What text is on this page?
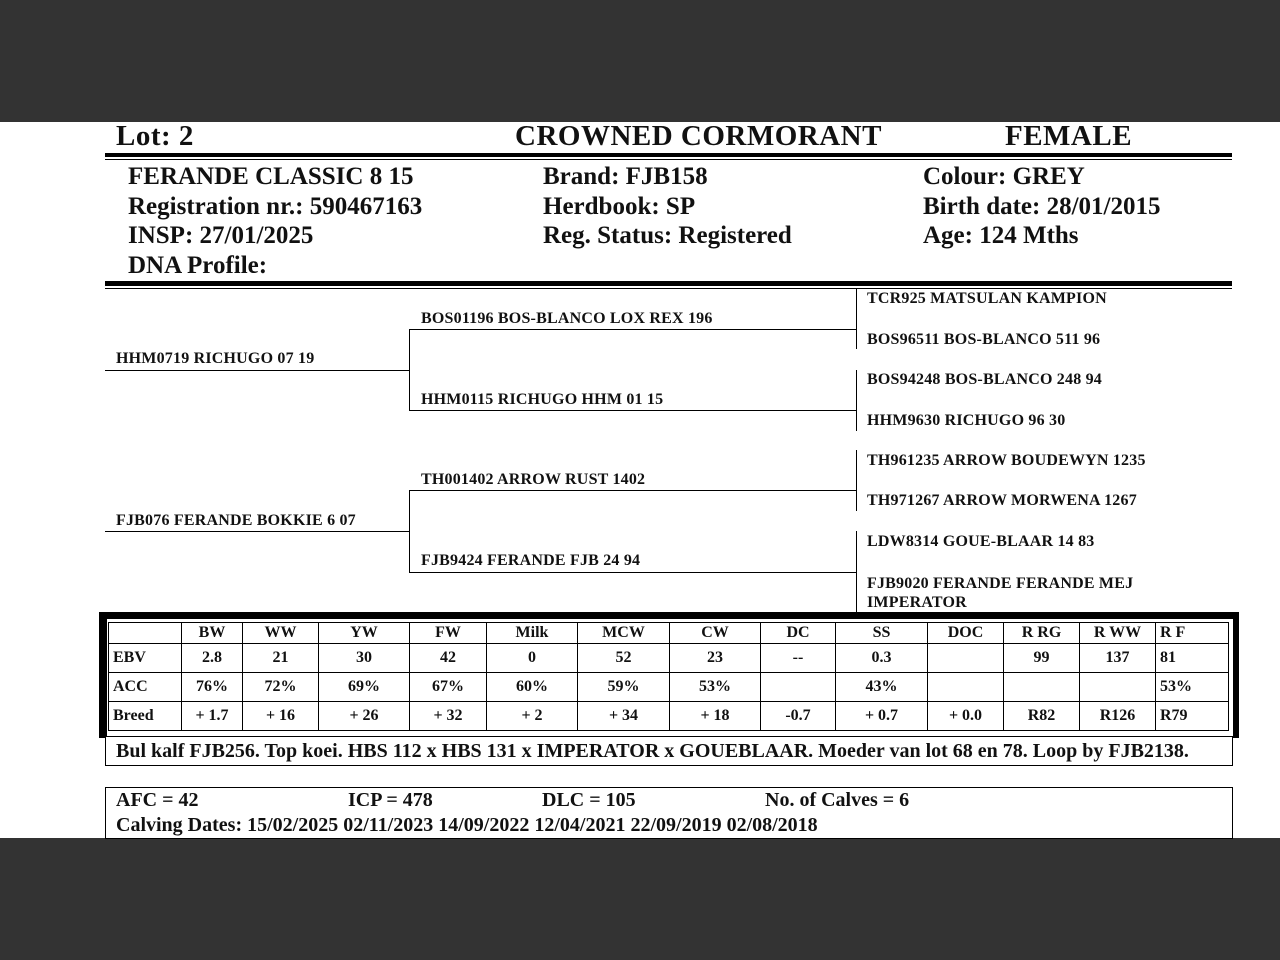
Lot: 2	CROWNED CORMORANT	FEMALE
FERANDE CLASSIC 8 15
Registration nr.: 590467163
INSP: 27/01/2025
DNA Profile:
Brand: FJB158
Herdbook: SP
Reg. Status: Registered
Colour: GREY
Birth date: 28/01/2015
Age: 124 Mths
HHM0719 RICHUGO 07 19
FJB076 FERANDE BOKKIE 6 07
BOS01196 BOS-BLANCO LOX REX 196
HHM0115 RICHUGO HHM 01 15
TH001402 ARROW RUST 1402
FJB9424 FERANDE FJB 24 94
TCR925 MATSULAN KAMPION
BOS96511 BOS-BLANCO 511 96
BOS94248 BOS-BLANCO 248 94
HHM9630 RICHUGO 96 30
TH961235 ARROW BOUDEWYN 1235
TH971267 ARROW MORWENA 1267
LDW8314 GOUE-BLAAR 14 83
FJB9020 FERANDE FERANDE MEJ IMPERATOR
	BW	WW	YW	FW	Milk	MCW	CW	DC	SS	DOC	R RG	R WW	R F
EBV	2.8	21	30	42	0	52	23	--	0.3		99	137	81
ACC	76%	72%	69%	67%	60%	59%	53%		43%				53%
Breed	+ 1.7	+ 16	+ 26	+ 32	+ 2	+ 34	+ 18	-0.7	+ 0.7	+ 0.0	R82	R126	R79
Bul kalf FJB256. Top koei. HBS 112 x HBS 131 x IMPERATOR x GOUEBLAAR. Moeder van lot 68 en 78. Loop by FJB2138.
AFC = 42	ICP = 478	DLC = 105	No. of Calves = 6
Calving Dates: 15/02/2025 02/11/2023 14/09/2022 12/04/2021 22/09/2019 02/08/2018
